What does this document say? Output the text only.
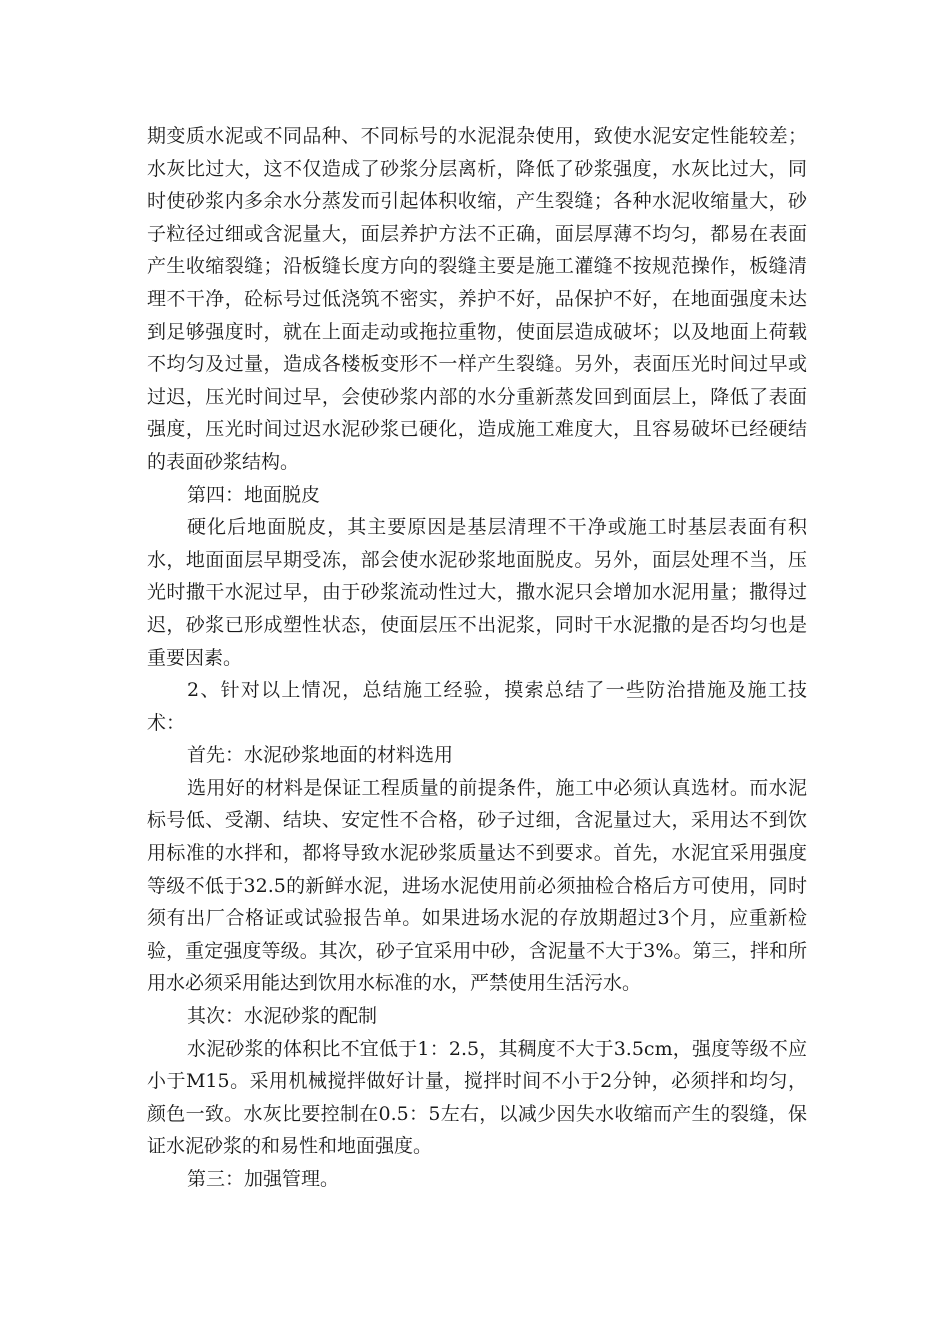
期变质水泥或不同品种、不同标号的水泥混杂使用，致使水泥安定性能较差；水灰比过大，这不仅造成了砂浆分层离析，降低了砂浆强度，水灰比过大，同时使砂浆内多余水分蒸发而引起体积收缩，产生裂缝；各种水泥收缩量大，砂子粒径过细或含泥量大，面层养护方法不正确，面层厚薄不均匀，都易在表面产生收缩裂缝；沿板缝长度方向的裂缝主要是施工灌缝不按规范操作，板缝清理不干净，砼标号过低浇筑不密实，养护不好，品保护不好，在地面强度未达到足够强度时，就在上面走动或拖拉重物，使面层造成破坏；以及地面上荷载不均匀及过量，造成各楼板变形不一样产生裂缝。另外，表面压光时间过早或过迟，压光时间过早，会使砂浆内部的水分重新蒸发回到面层上，降低了表面强度，压光时间过迟水泥砂浆已硬化，造成施工难度大，且容易破坏已经硬结的表面砂浆结构。

第四：地面脱皮

硬化后地面脱皮，其主要原因是基层清理不干净或施工时基层表面有积水，地面面层早期受冻，部会使水泥砂浆地面脱皮。另外，面层处理不当，压光时撒干水泥过早，由于砂浆流动性过大，撒水泥只会增加水泥用量；撒得过迟，砂浆已形成塑性状态，使面层压不出泥浆，同时干水泥撒的是否均匀也是重要因素。

2、针对以上情况，总结施工经验，摸索总结了一些防治措施及施工技术：

首先：水泥砂浆地面的材料选用

选用好的材料是保证工程质量的前提条件，施工中必须认真选材。而水泥标号低、受潮、结块、安定性不合格，砂子过细，含泥量过大，采用达不到饮用标准的水拌和，都将导致水泥砂浆质量达不到要求。首先，水泥宜采用强度等级不低于32.5的新鲜水泥，进场水泥使用前必须抽检合格后方可使用，同时须有出厂合格证或试验报告单。如果进场水泥的存放期超过3个月，应重新检验，重定强度等级。其次，砂子宜采用中砂，含泥量不大于3%。第三，拌和所用水必须采用能达到饮用水标准的水，严禁使用生活污水。

其次：水泥砂浆的配制

水泥砂浆的体积比不宜低于1：2.5，其稠度不大于3.5cm，强度等级不应小于M15。采用机械搅拌做好计量，搅拌时间不小于2分钟，必须拌和均匀，颜色一致。水灰比要控制在0.5：5左右，以减少因失水收缩而产生的裂缝，保证水泥砂浆的和易性和地面强度。

第三：加强管理。
